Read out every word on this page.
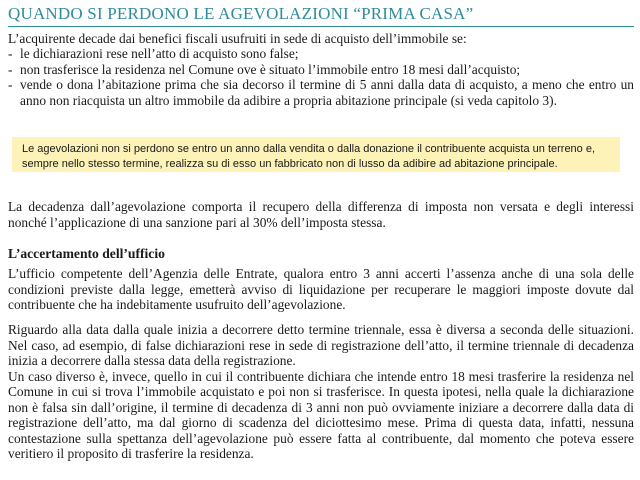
QUANDO SI PERDONO LE AGEVOLAZIONI “PRIMA CASA”

L’acquirente decade dai benefici fiscali usufruiti in sede di acquisto dell’immobile se:

- le dichiarazioni rese nell’atto di acquisto sono false;
- non trasferisce la residenza nel Comune ove è situato l’immobile entro 18 mesi dall’acquisto;
- vende o dona l’abitazione prima che sia decorso il termine di 5 anni dalla data di acquisto, a meno che entro un anno non riacquista un altro immobile da adibire a propria abitazione principale (si veda capitolo 3).
Le agevolazioni non si perdono se entro un anno dalla vendita o dalla donazione il contribuente acquista un terreno e, sempre nello stesso termine, realizza su di esso un fabbricato non di lusso da adibire ad abitazione principale.

La decadenza dall’agevolazione comporta il recupero della differenza di imposta non versata e degli interessi nonché l’applicazione di una sanzione pari al 30% dell’imposta stessa.

L’accertamento dell’ufficio

L’ufficio competente dell’Agenzia delle Entrate, qualora entro 3 anni accerti l’assenza anche di una sola delle condizioni previste dalla legge, emetterà avviso di liquidazione per recuperare le maggiori imposte dovute dal contribuente che ha indebitamente usufruito dell’agevolazione.

Riguardo alla data dalla quale inizia a decorrere detto termine triennale, essa è diversa a seconda delle situazioni. Nel caso, ad esempio, di false dichiarazioni rese in sede di registrazione dell’atto, il termine triennale di decadenza inizia a decorrere dalla stessa data della registrazione.
Un caso diverso è, invece, quello in cui il contribuente dichiara che intende entro 18 mesi trasferire la residenza nel Comune in cui si trova l’immobile acquistato e poi non si trasferisce. In questa ipotesi, nella quale la dichiarazione non è falsa sin dall’origine, il termine di decadenza di 3 anni non può ovviamente iniziare a decorrere dalla data di registrazione dell’atto, ma dal giorno di scadenza del diciottesimo mese. Prima di questa data, infatti, nessuna contestazione sulla spettanza dell’agevolazione può essere fatta al contribuente, dal momento che poteva essere veritiero il proposito di trasferire la residenza.
